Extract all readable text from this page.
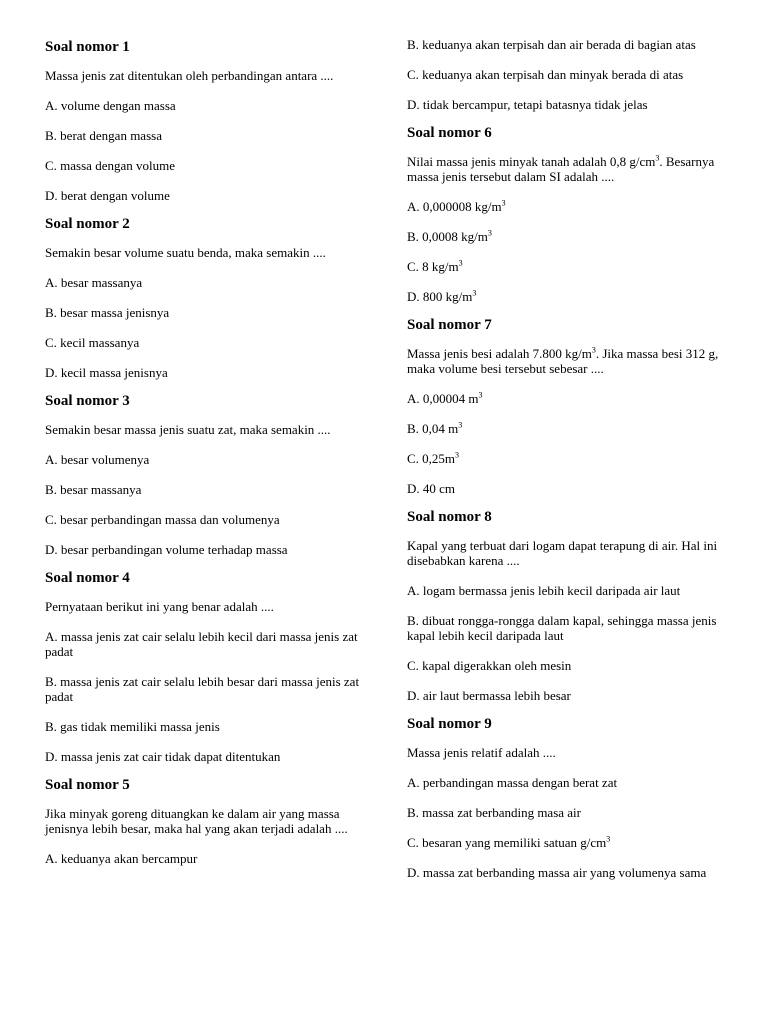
Soal nomor 1
Massa jenis zat ditentukan oleh perbandingan antara ....
A. volume dengan massa
B. berat dengan massa
C. massa dengan volume
D. berat dengan volume
Soal nomor 2
Semakin besar volume suatu benda, maka semakin ....
A. besar massanya
B. besar massa jenisnya
C. kecil massanya
D. kecil massa jenisnya
Soal nomor 3
Semakin besar massa jenis suatu zat, maka semakin ....
A. besar volumenya
B. besar massanya
C. besar perbandingan massa dan volumenya
D. besar perbandingan volume terhadap massa
Soal nomor 4
Pernyataan berikut ini yang benar adalah ....
A. massa jenis zat cair selalu lebih kecil dari massa jenis zat padat
B. massa jenis zat cair selalu lebih besar dari massa jenis zat padat
B. gas tidak memiliki massa jenis
D. massa jenis zat cair tidak dapat ditentukan
Soal nomor 5
Jika minyak goreng dituangkan ke dalam air yang massa jenisnya lebih besar, maka hal yang akan terjadi adalah ....
A. keduanya akan bercampur
B. keduanya akan terpisah dan air berada di bagian atas
C. keduanya akan terpisah dan minyak berada di atas
D. tidak bercampur, tetapi batasnya tidak jelas
Soal nomor 6
Nilai massa jenis minyak tanah adalah 0,8 $g/cm^3$. Besarnya massa jenis tersebut dalam SI adalah ....
A. 0,000008 $kg/m^3$
B. 0,0008 $kg/m^3$
C. 8 $kg/m^3$
D. 800 $kg/m^3$
Soal nomor 7
Massa jenis besi adalah 7.800 $kg/m^3$. Jika massa besi 312 g, maka volume besi tersebut sebesar ....
A. 0,00004 $m^3$
B. 0,04 $m^3$
C. $0,25m^3$
D. 40 cm
Soal nomor 8
Kapal yang terbuat dari logam dapat terapung di air. Hal ini disebabkan karena ....
A. logam bermassa jenis lebih kecil daripada air laut
B. dibuat rongga-rongga dalam kapal, sehingga massa jenis kapal lebih kecil daripada laut
C. kapal digerakkan oleh mesin
D. air laut bermassa lebih besar
Soal nomor 9
Massa jenis relatif adalah ....
A. perbandingan massa dengan berat zat
B. massa zat berbanding masa air
C. besaran yang memiliki satuan $g/cm^3$
D. massa zat berbanding massa air yang volumenya sama
